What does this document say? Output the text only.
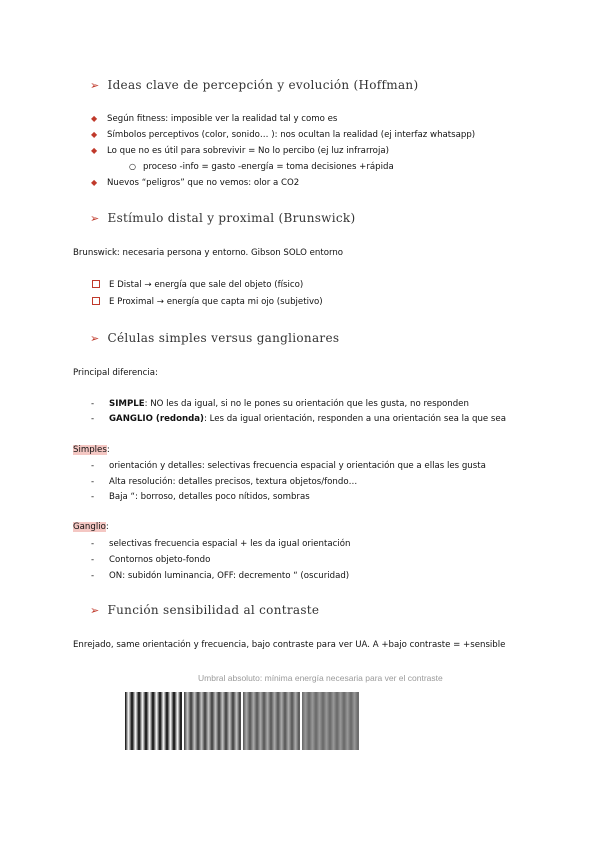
➢ Ideas clave de percepción y evolución (Hoffman)
◆ Según fitness: imposible ver la realidad tal y como es
◆ Símbolos perceptivos (color, sonido… ): nos ocultan la realidad (ej interfaz whatsapp)
◆ Lo que no es útil para sobrevivir = No lo percibo (ej luz infrarroja)
○ proceso -info = gasto -energía = toma decisiones +rápida
◆ Nuevos “peligros” que no vemos: olor a CO2
➢ Estímulo distal y proximal (Brunswick)
Brunswick: necesaria persona y entorno. Gibson SOLO entorno
E Distal → energía que sale del objeto (físico)
E Proximal → energía que capta mi ojo (subjetivo)
➢ Células simples versus ganglionares
Principal diferencia:
- SIMPLE: NO les da igual, si no le pones su orientación que les gusta, no responden
- GANGLIO (redonda): Les da igual orientación, responden a una orientación sea la que sea
Simples:
- orientación y detalles: selectivas frecuencia espacial y orientación que a ellas les gusta
- Alta resolución: detalles precisos, textura objetos/fondo…
- Baja “: borroso, detalles poco nítidos, sombras
Ganglio:
- selectivas frecuencia espacial + les da igual orientación
- Contornos objeto-fondo
- ON: subidón luminancia, OFF: decremento “ (oscuridad)
➢ Función sensibilidad al contraste
Enrejado, same orientación y frecuencia, bajo contraste para ver UA. A +bajo contraste = +sensible
Umbral absoluto: mínima energía necesaria para ver el contraste
